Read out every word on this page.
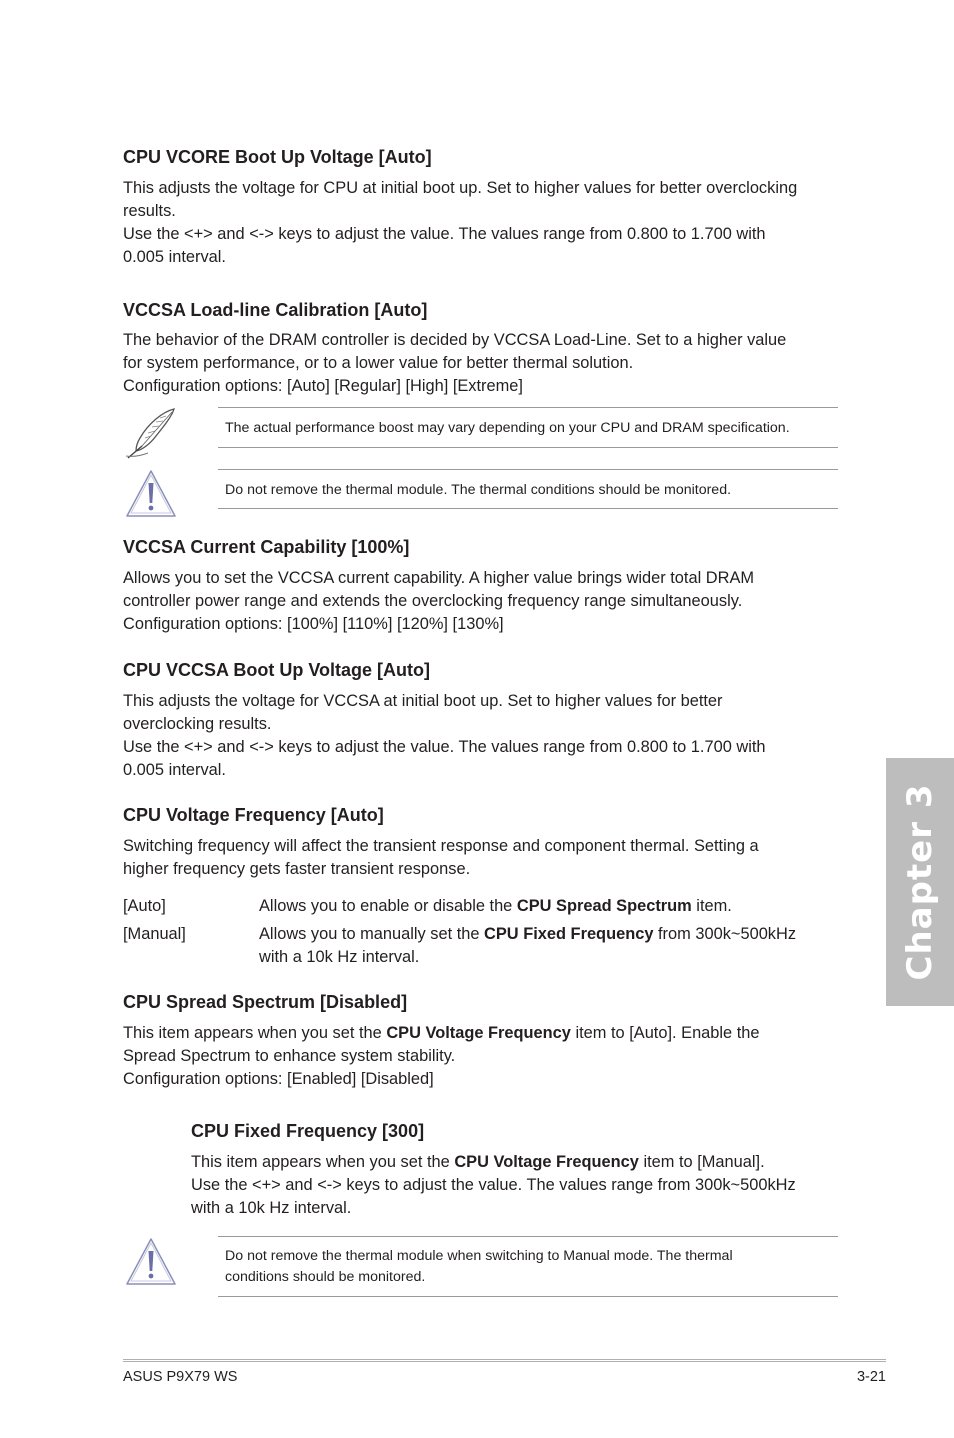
CPU VCORE Boot Up Voltage [Auto]
This adjusts the voltage for CPU at initial boot up. Set to higher values for better overclocking
results.
Use the <+> and <-> keys to adjust the value. The values range from 0.800 to 1.700 with
0.005 interval.
VCCSA Load-line Calibration [Auto]
The behavior of the DRAM controller is decided by VCCSA Load-Line. Set to a higher value
for system performance, or to a lower value for better thermal solution.
Configuration options: [Auto] [Regular] [High] [Extreme]
The actual performance boost may vary depending on your CPU and DRAM specification.
Do not remove the thermal module. The thermal conditions should be monitored.
VCCSA Current Capability [100%]
Allows you to set the VCCSA current capability. A higher value brings wider total DRAM
controller power range and extends the overclocking frequency range simultaneously.
Configuration options: [100%] [110%] [120%] [130%]
CPU VCCSA Boot Up Voltage [Auto]
This adjusts the voltage for VCCSA at initial boot up. Set to higher values for better
overclocking results.
Use the <+> and <-> keys to adjust the value. The values range from 0.800 to 1.700 with
0.005 interval.
CPU Voltage Frequency [Auto]
Switching frequency will affect the transient response and component thermal. Setting a
higher frequency gets faster transient response.
[Auto]	Allows you to enable or disable the CPU Spread Spectrum item.
[Manual]	Allows you to manually set the CPU Fixed Frequency from 300k~500kHz
with a 10k Hz interval.
CPU Spread Spectrum [Disabled]
This item appears when you set the CPU Voltage Frequency item to [Auto]. Enable the
Spread Spectrum to enhance system stability.
Configuration options: [Enabled] [Disabled]
CPU Fixed Frequency [300]
This item appears when you set the CPU Voltage Frequency item to [Manual].
Use the <+> and <-> keys to adjust the value. The values range from 300k~500kHz
with a 10k Hz interval.
Do not remove the thermal module when switching to Manual mode. The thermal
conditions should be monitored.
Chapter 3
ASUS P9X79 WS	3-21
